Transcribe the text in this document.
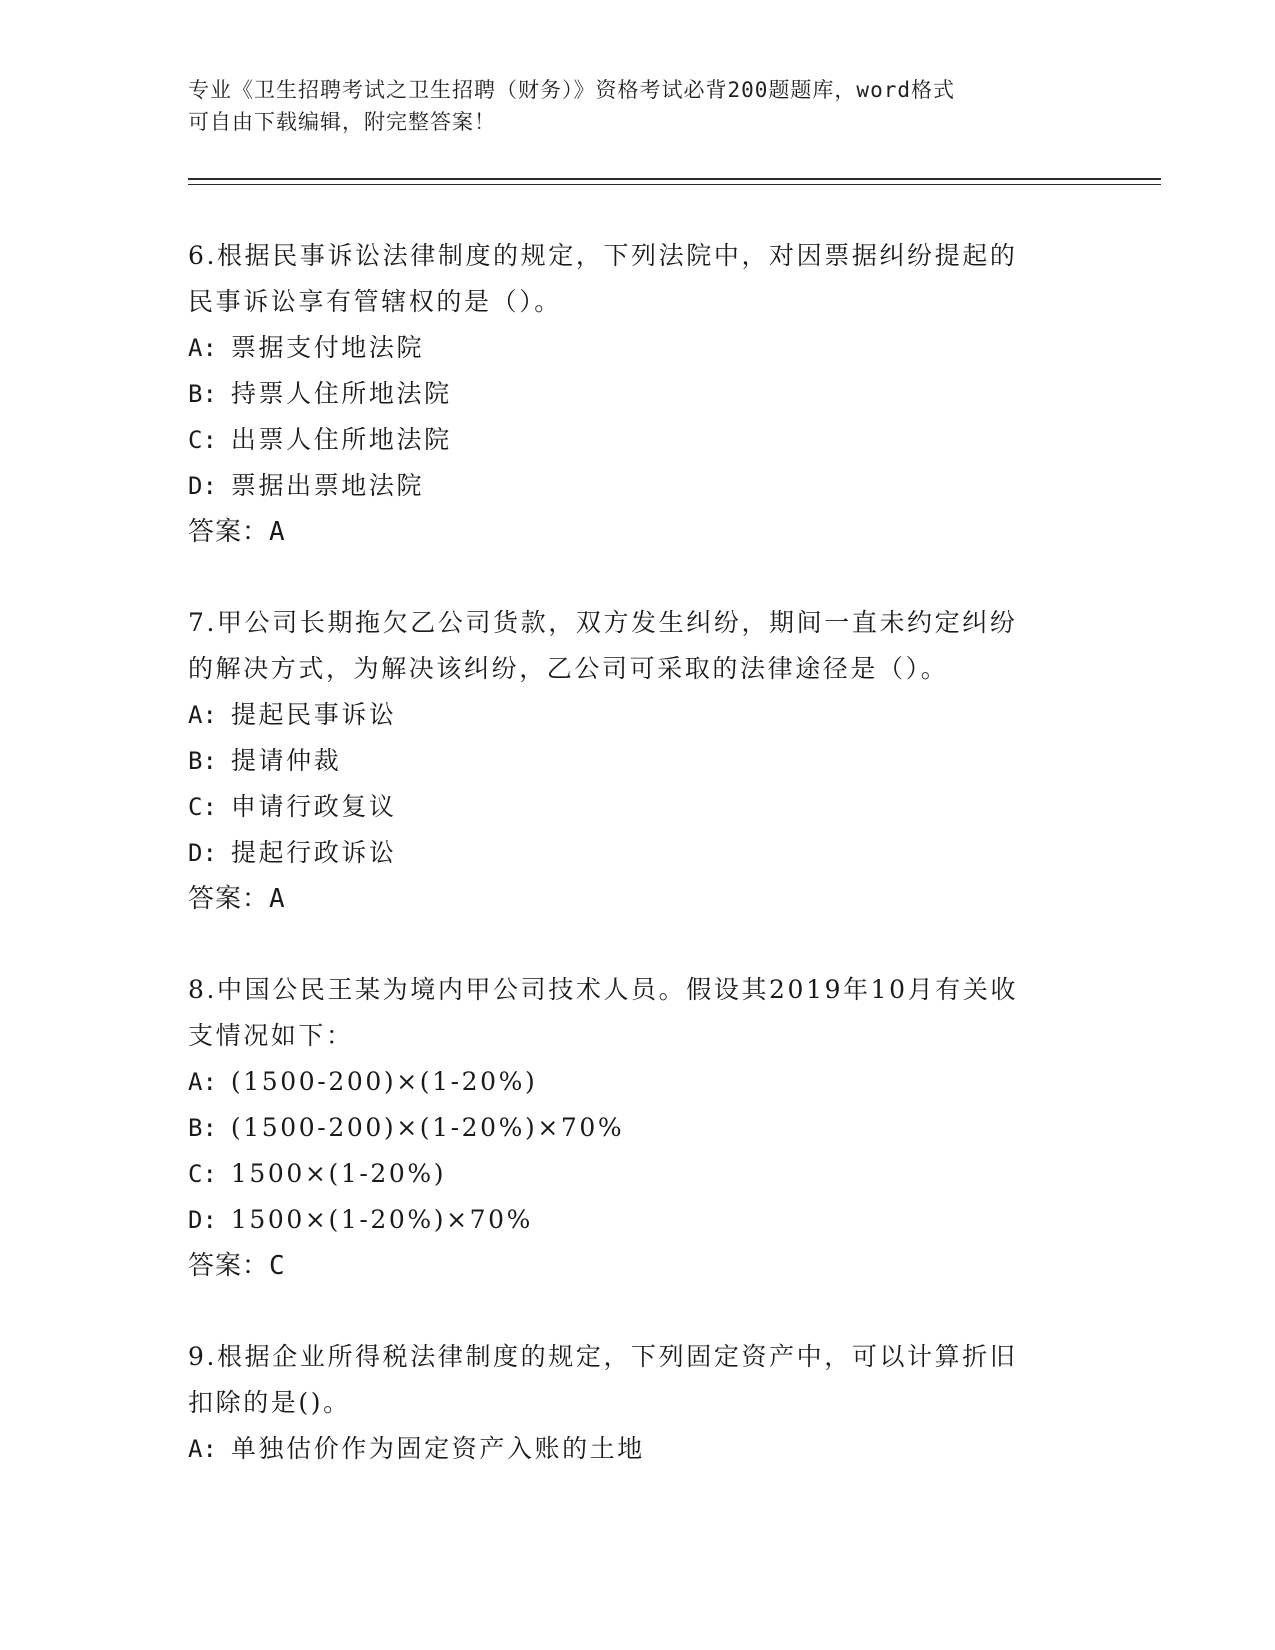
专业《卫生招聘考试之卫生招聘（财务）》资格考试必背200题题库，word格式
可自由下载编辑，附完整答案！
6.根据民事诉讼法律制度的规定，下列法院中，对因票据纠纷提起的
民事诉讼享有管辖权的是（）。
A: 票据支付地法院
B: 持票人住所地法院
C: 出票人住所地法院
D: 票据出票地法院
答案：A
7.甲公司长期拖欠乙公司货款，双方发生纠纷，期间一直未约定纠纷
的解决方式，为解决该纠纷，乙公司可采取的法律途径是（）。
A: 提起民事诉讼
B: 提请仲裁
C: 申请行政复议
D: 提起行政诉讼
答案：A
8.中国公民王某为境内甲公司技术人员。假设其2019年10月有关收
支情况如下：
A: (1500-200)×(1-20%)
B: (1500-200)×(1-20%)×70%
C: 1500×(1-20%)
D: 1500×(1-20%)×70%
答案：C
9.根据企业所得税法律制度的规定，下列固定资产中，可以计算折旧
扣除的是()。
A: 单独估价作为固定资产入账的土地
